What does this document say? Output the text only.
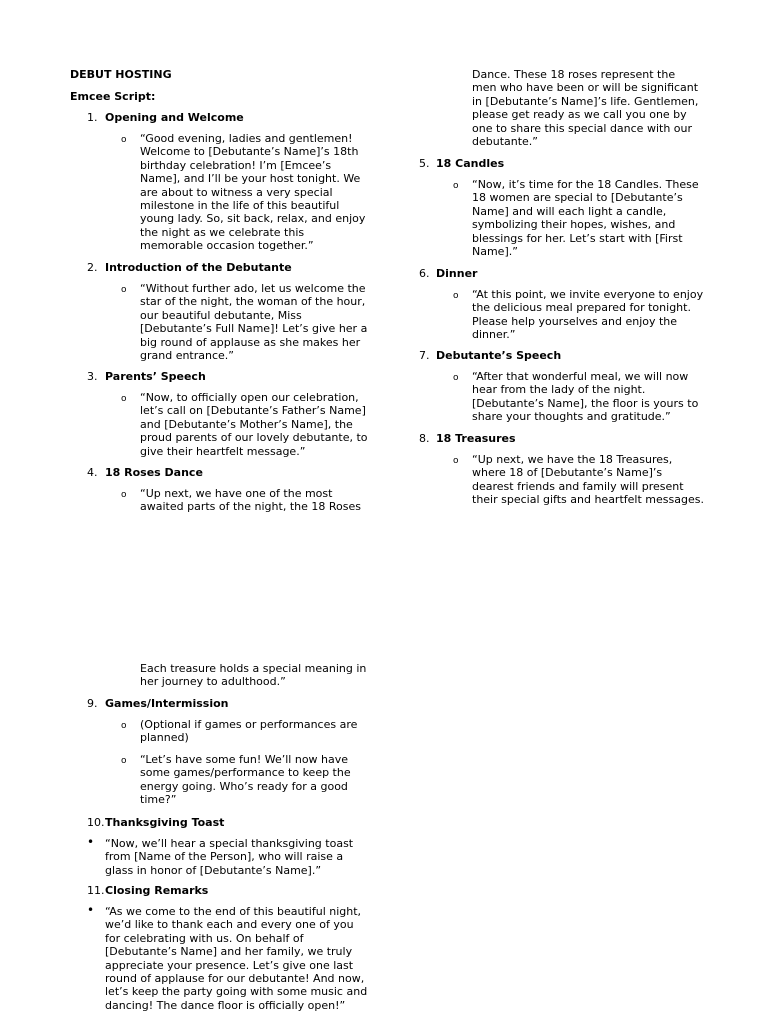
DEBUT HOSTING
Emcee Script:
1. Opening and Welcome
o “Good evening, ladies and gentlemen! Welcome to [Debutante’s Name]’s 18th birthday celebration! I’m [Emcee’s Name], and I’ll be your host tonight. We are about to witness a very special milestone in the life of this beautiful young lady. So, sit back, relax, and enjoy the night as we celebrate this memorable occasion together.”
2. Introduction of the Debutante
o “Without further ado, let us welcome the star of the night, the woman of the hour, our beautiful debutante, Miss [Debutante’s Full Name]! Let’s give her a big round of applause as she makes her grand entrance.”
3. Parents’ Speech
o “Now, to officially open our celebration, let’s call on [Debutante’s Father’s Name] and [Debutante’s Mother’s Name], the proud parents of our lovely debutante, to give their heartfelt message.”
4. 18 Roses Dance
o “Up next, we have one of the most awaited parts of the night, the 18 Roses
Dance. These 18 roses represent the men who have been or will be significant in [Debutante’s Name]’s life. Gentlemen, please get ready as we call you one by one to share this special dance with our debutante.”
5. 18 Candles
o “Now, it’s time for the 18 Candles. These 18 women are special to [Debutante’s Name] and will each light a candle, symbolizing their hopes, wishes, and blessings for her. Let’s start with [First Name].”
6. Dinner
o “At this point, we invite everyone to enjoy the delicious meal prepared for tonight. Please help yourselves and enjoy the dinner.”
7. Debutante’s Speech
o “After that wonderful meal, we will now hear from the lady of the night. [Debutante’s Name], the floor is yours to share your thoughts and gratitude.”
8. 18 Treasures
o “Up next, we have the 18 Treasures, where 18 of [Debutante’s Name]’s dearest friends and family will present their special gifts and heartfelt messages.
Each treasure holds a special meaning in her journey to adulthood.”
9. Games/Intermission
o (Optional if games or performances are planned)
o “Let’s have some fun! We’ll now have some games/performance to keep the energy going. Who’s ready for a good time?”
10. Thanksgiving Toast
• “Now, we’ll hear a special thanksgiving toast from [Name of the Person], who will raise a glass in honor of [Debutante’s Name].”
11. Closing Remarks
• “As we come to the end of this beautiful night, we’d like to thank each and every one of you for celebrating with us. On behalf of [Debutante’s Name] and her family, we truly appreciate your presence. Let’s give one last round of applause for our debutante! And now, let’s keep the party going with some music and dancing! The dance floor is officially open!”
